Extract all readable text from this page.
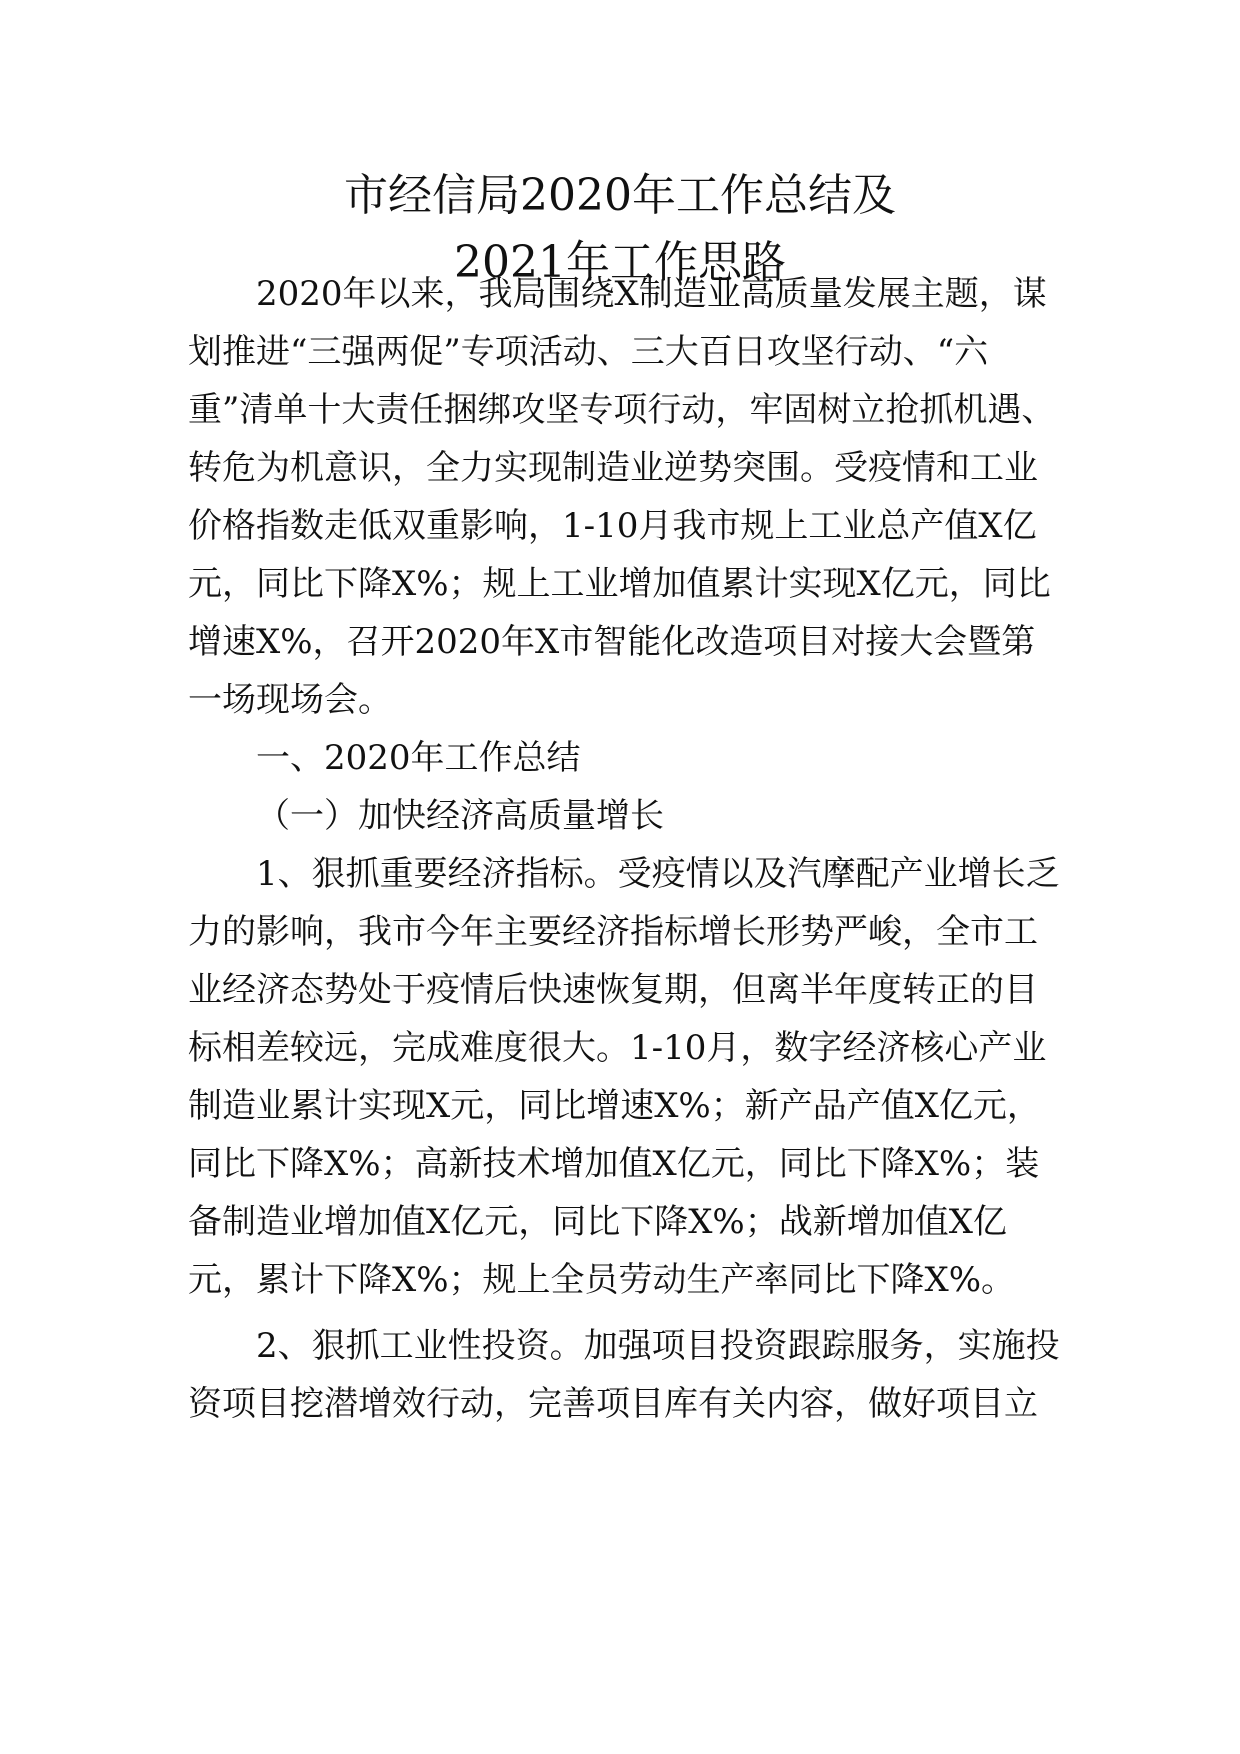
市经信局2020年工作总结及
2021年工作思路
2020年以来，我局围绕X制造业高质量发展主题，谋
划推进“三强两促”专项活动、三大百日攻坚行动、“六
重”清单十大责任捆绑攻坚专项行动，牢固树立抢抓机遇、
转危为机意识，全力实现制造业逆势突围。受疫情和工业
价格指数走低双重影响，1-10月我市规上工业总产值X亿
元，同比下降X%；规上工业增加值累计实现X亿元，同比
增速X%，召开2020年X市智能化改造项目对接大会暨第
一场现场会。
一、2020年工作总结
（一）加快经济高质量增长
1、狠抓重要经济指标。受疫情以及汽摩配产业增长乏
力的影响，我市今年主要经济指标增长形势严峻，全市工
业经济态势处于疫情后快速恢复期，但离半年度转正的目
标相差较远，完成难度很大。1-10月，数字经济核心产业
制造业累计实现X元，同比增速X%；新产品产值X亿元，
同比下降X%；高新技术增加值X亿元，同比下降X%；装
备制造业增加值X亿元，同比下降X%；战新增加值X亿
元，累计下降X%；规上全员劳动生产率同比下降X%。
2、狠抓工业性投资。加强项目投资跟踪服务，实施投
资项目挖潜增效行动，完善项目库有关内容，做好项目立
